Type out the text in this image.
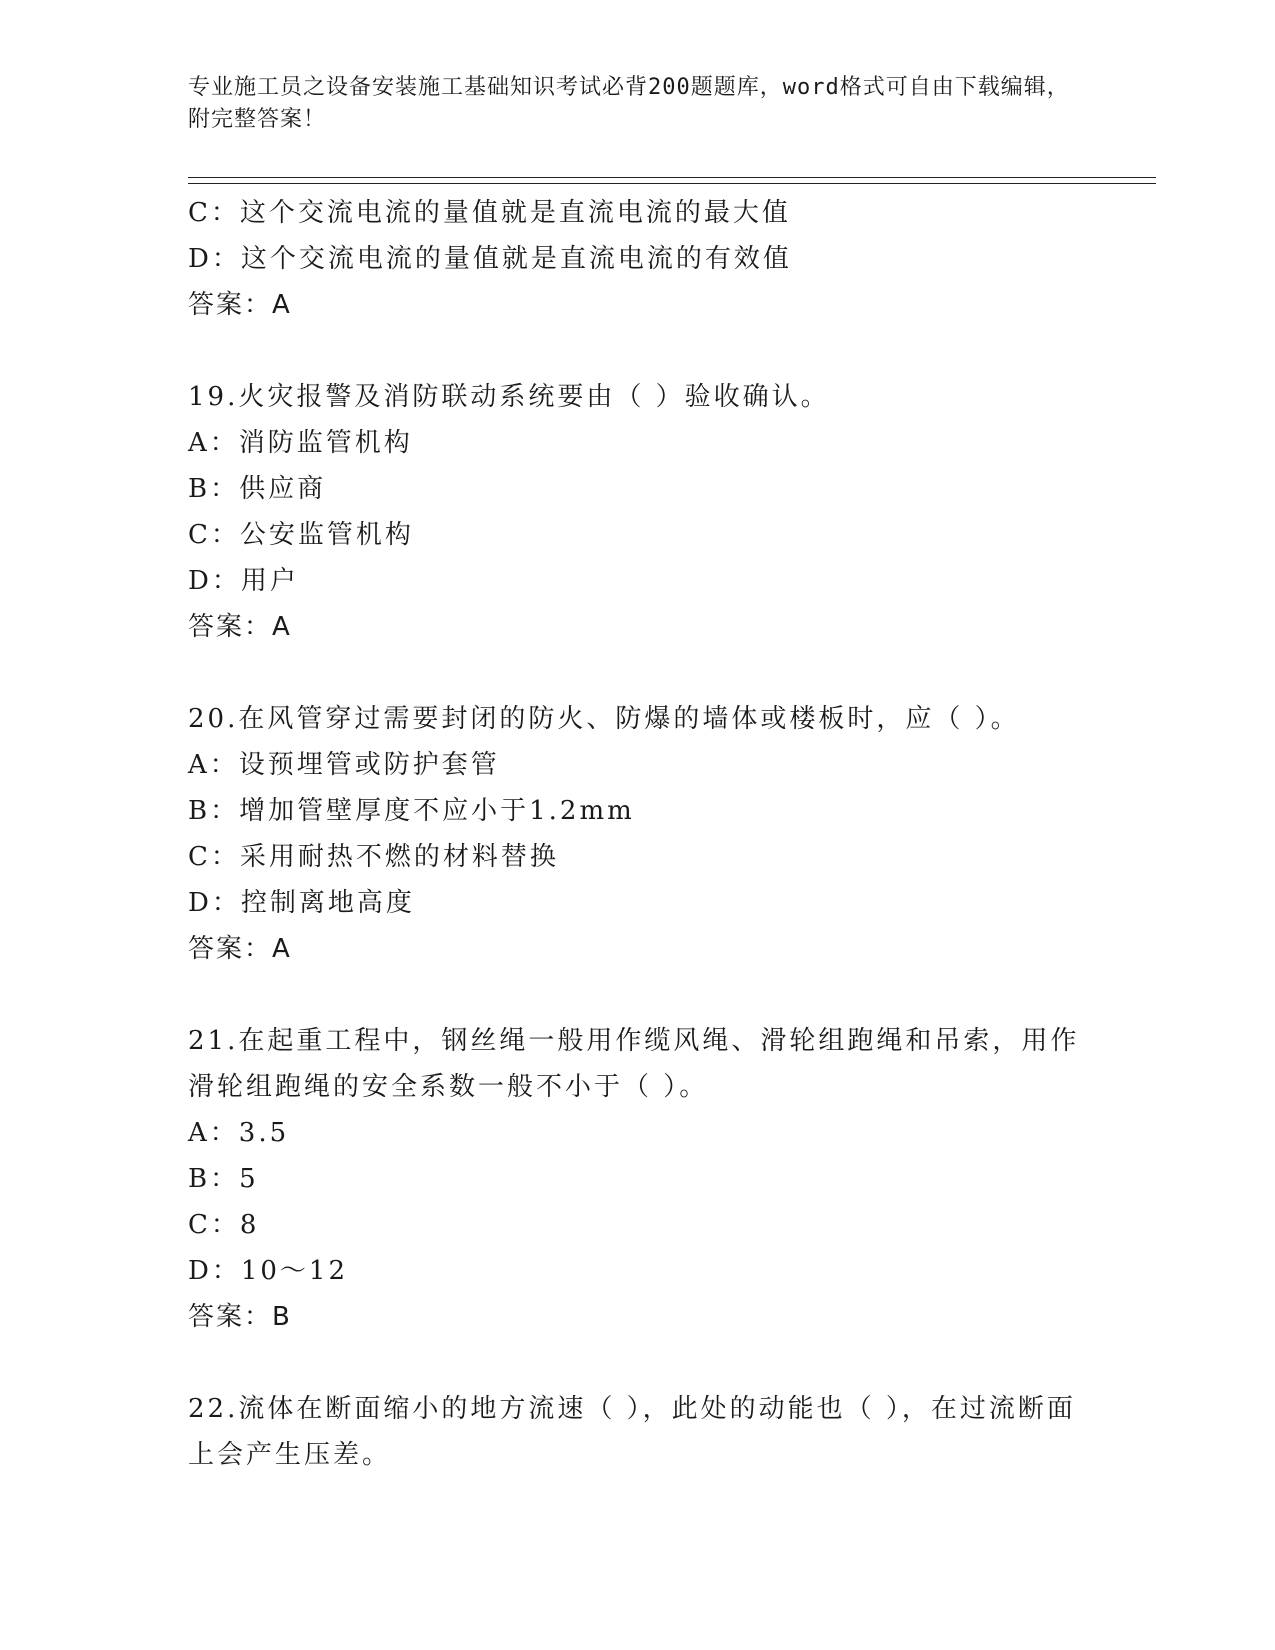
专业施工员之设备安装施工基础知识考试必背200题题库，word格式可自由下载编辑，附完整答案！
C：这个交流电流的量值就是直流电流的最大值
D：这个交流电流的量值就是直流电流的有效值
答案：A
19.火灾报警及消防联动系统要由（ ）验收确认。
A：消防监管机构
B：供应商
C：公安监管机构
D：用户
答案：A
20.在风管穿过需要封闭的防火、防爆的墙体或楼板时，应（ ）。
A：设预埋管或防护套管
B：增加管壁厚度不应小于1.2mm
C：采用耐热不燃的材料替换
D：控制离地高度
答案：A
21.在起重工程中，钢丝绳一般用作缆风绳、滑轮组跑绳和吊索，用作滑轮组跑绳的安全系数一般不小于（ ）。
A：3.5
B：5
C：8
D：10～12
答案：B
22.流体在断面缩小的地方流速（ ），此处的动能也（ ），在过流断面上会产生压差。
